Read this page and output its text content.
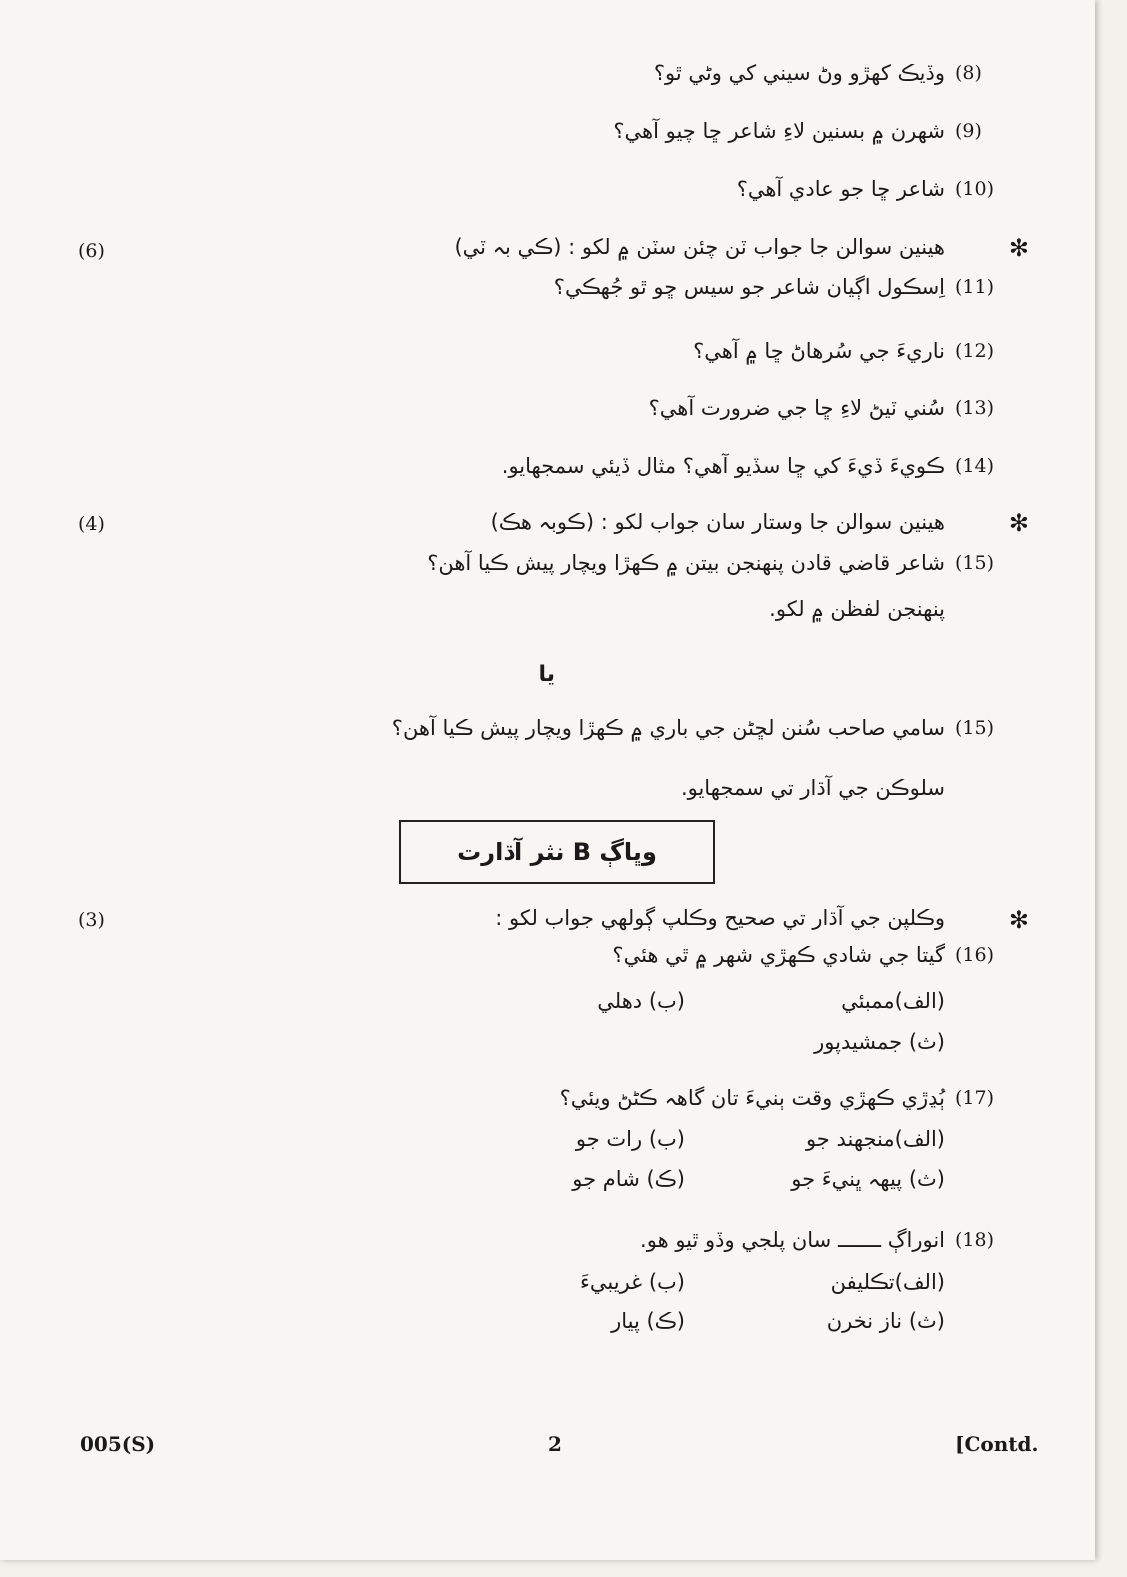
(8)
وڏيڪ کھڙو وڻ سيني کي وڻي ٿو؟
(9)
شهرن ۾ بسنين لاءِ شاعر ڇا چيو آهي؟
(10)
شاعر ڇا جو عادي آهي؟
✻
هينين سوالن جا جواب ٽن چئن سٽن ۾ لکو : (ڪي بہ ٽي)
(6)
(11)
اِسڪول اڳيان شاعر جو سيس ڇو ٿو جُهڪي؟
(12)
ناريءَ جي سُرهاڻ ڇا ۾ آهي؟
(13)
سُني ٽيڻ لاءِ ڇا جي ضرورت آهي؟
(14)
ڪويءَ ڏيءَ کي ڇا سڏيو آهي؟ مثال ڏيئي سمجهايو.
✻
هينين سوالن جا وستار سان جواب لکو : (ڪوبہ هڪ)
(4)
(15)
شاعر قاضي قادن پنهنجن بيتن ۾ ڪهڙا ويچار پيش ڪيا آهن؟
پنهنجن لفظن ۾ لکو.
يا
(15)
سامي صاحب سُنن لڇڻن جي باري ۾ ڪهڙا ويچار پيش ڪيا آهن؟
سلوڪن جي آڌار تي سمجهايو.
وڀاڳ B نثر آڌارت
✻
وڪلپن جي آڌار تي صحيح وڪلپ ڳولهي جواب لکو :
(3)
(16)
گيتا جي شادي ڪهڙي شهر ۾ ٿي هئي؟
(الف)ممبئي
(ب) دهلي
(ث) جمشيدپور
(17)
ٻُڍڙي ڪهڙي وقت ٻنيءَ تان گاهہ ڪڻڻ ويئي؟
(الف)منجهند جو
(ب) رات جو
(ث) پيهہ ڀنيءَ جو
(ڪ) شام جو
(18)
انوراڳ ـــــــ سان پلجي وڏو ٿيو هو.
(الف)تڪليفن
(ب) غريبيءَ
(ث) ناز نخرن
(ڪ) پيار
005(S)	2	[Contd.
